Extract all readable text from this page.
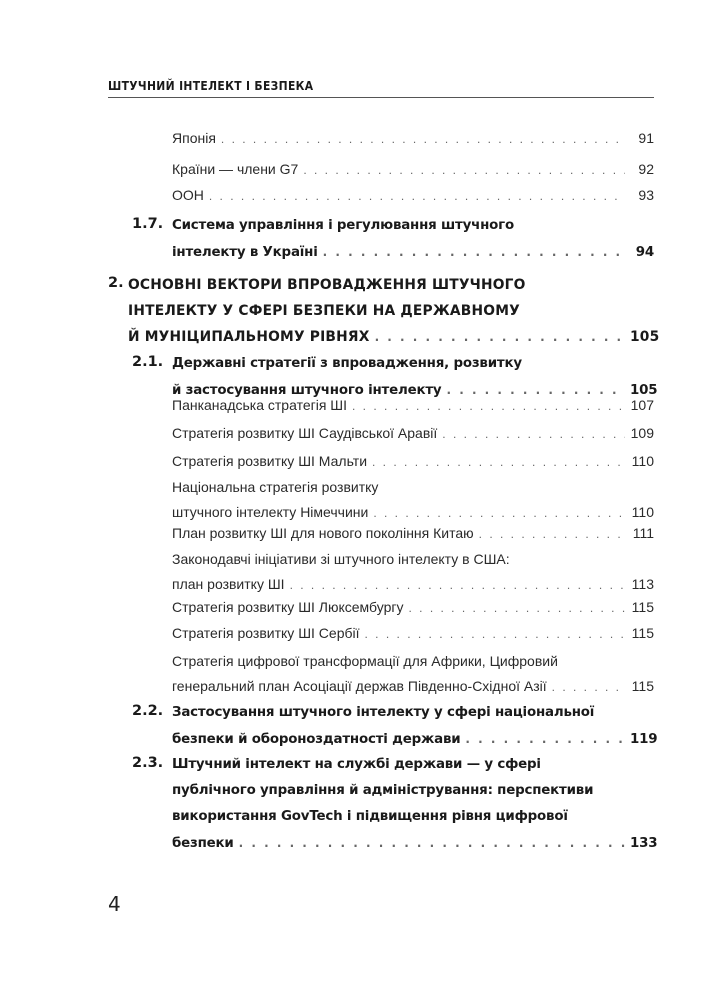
ШТУЧНИЙ ІНТЕЛЕКТ І БЕЗПЕКА
Японія . . .	91
Країни — члени G7 . . .	92
ООН . . .	93
1.7. Система управління і регулювання штучного
інтелекту в Україні . . .	94
2. ОСНОВНІ ВЕКТОРИ ВПРОВАДЖЕННЯ ШТУЧНОГО
ІНТЕЛЕКТУ У СФЕРІ БЕЗПЕКИ НА ДЕРЖАВНОМУ
Й МУНІЦИПАЛЬНОМУ РІВНЯХ . . .	105
2.1. Державні стратегії з впровадження, розвитку
й застосування штучного інтелекту . . .	105
Панканадська стратегія ШІ . . .	107
Стратегія розвитку ШІ Саудівської Аравії . . .	109
Стратегія розвитку ШІ Мальти . . .	110
Національна стратегія розвитку
штучного інтелекту Німеччини . . .	110
План розвитку ШІ для нового покоління Китаю . . .	111
Законодавчі ініціативи зі штучного інтелекту в США:
план розвитку ШІ . . .	113
Стратегія розвитку ШІ Люксембургу . . .	115
Стратегія розвитку ШІ Сербії . . .	115
Стратегія цифрової трансформації для Африки, Цифровий
генеральний план Асоціації держав Південно-Східної Азії . . .	115
2.2. Застосування штучного інтелекту у сфері національної
безпеки й обороноздатності держави . . .	119
2.3. Штучний інтелект на службі держави — у сфері
публічного управління й адміністрування: перспективи
використання GovTech і підвищення рівня цифрової
безпеки . . .	133
4
